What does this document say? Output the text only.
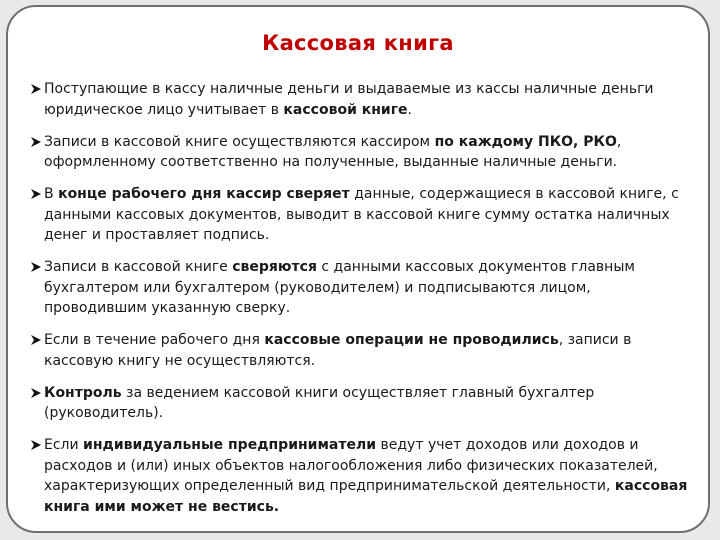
Кассовая книга
Поступающие в кассу наличные деньги и выдаваемые из кассы наличные деньги юридическое лицо учитывает в кассовой книге.
Записи в кассовой книге осуществляются кассиром по каждому ПКО, РКО, оформленному соответственно на полученные, выданные наличные деньги.
В конце рабочего дня кассир сверяет данные, содержащиеся в кассовой книге, с данными кассовых документов, выводит в кассовой книге сумму остатка наличных денег и проставляет подпись.
Записи в кассовой книге сверяются с данными кассовых документов главным бухгалтером или бухгалтером (руководителем) и подписываются лицом, проводившим указанную сверку.
Если в течение рабочего дня кассовые операции не проводились, записи в кассовую книгу не осуществляются.
Контроль за ведением кассовой книги осуществляет главный бухгалтер (руководитель).
Если индивидуальные предприниматели ведут учет доходов или доходов и расходов и (или) иных объектов налогообложения либо физических показателей, характеризующих определенный вид предпринимательской деятельности, кассовая книга ими может не вестись.
